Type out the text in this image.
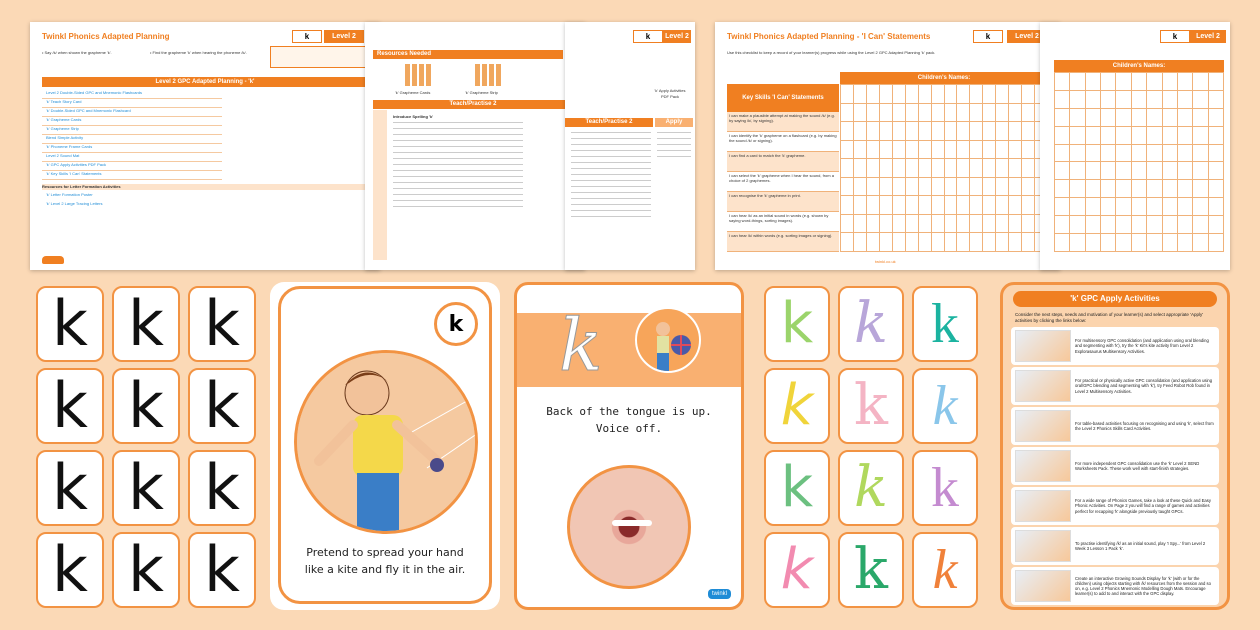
Twinkl Phonics Adapted Planning	k	Level 2
• Say /k/ when shown the grapheme 'k'.	• Find the grapheme 'k' when hearing the phoneme /k/.
Level 2 GPC Adapted Planning - 'k'
Level 2 Double-Sided GPC and Mnemonic Flashcards
'k' Teach Story Card
'k' Double-Sided GPC and Mnemonic Flashcard
'k' Grapheme Cards
'k' Grapheme Strip
Blend Simple Activity
'k' Phoneme Frame Cards
Level 2 Sound Mat
'k' GPC Apply Activities PDF Pack
'k' Key Skills 'I Can' Statements
Resources for Letter Formation Activities
'k' Letter Formation Poster
'k' Level 2 Large Tracing Letters
Resources Needed
'k' Grapheme Cards	'k' Grapheme Strip
Teach/Practise 2
Introduce Spelling 'k'
k	Level 2
'k' Apply Activities PDF Pack
Teach/Practise 2	Apply
Twinkl Phonics Adapted Planning - 'I Can' Statements	k	Level 2
Use this checklist to keep a record of your learner(s) progress while using the Level 2 GPC Adapted Planning 'k' pack.
Children's Names:
Key Skills 'I Can' Statements
I can make a plausible attempt at making the sound /k/ (e.g. by saying /k/, by signing).
I can identify the 'k' grapheme on a flashcard (e.g. by making the sound /k/ or signing).
I can find a card to match the 'k' grapheme.
I can select the 'k' grapheme when I hear the sound, from a choice of 2 graphemes.
I can recognise the 'k' grapheme in print.
I can hear /k/ as an initial sound in words (e.g. shown by saying word-things, sorting images).
I can hear /k/ within words (e.g. sorting images or signing).

twinkl.co.uk
k	Level 2
Children's Names:

k k k
k k k
k k k
k k k
k
Pretend to spread your hand
like a kite and fly it in the air.
k
Back of the tongue is up.
Voice off.
twinkl
k k k
k k k
k k k
k k k
'k' GPC Apply Activities
Consider the next steps, needs and motivation of your learner(s) and select appropriate 'Apply' activities by clicking the links below:
For multisensory GPC consolidation (and application using oral blending and segmenting with 'k'), try the 'k' Kit's kite activity from Level 2 Explorasaurus Multisensory Activities.
For practical or physically active GPC consolidation (and application using oral/GPC blending and segmenting with 'k'), try Feed Robot Rob found in Level 2 Multisensory Activities.
For table-based activities focusing on recognising and using 'k', select from the Level 2 Phonics Skills Card Activities.
For more independent GPC consolidation use the 'k' Level 2 SEND Worksheets Pack. These work well with start-finish strategies.
For a wide range of Phonics Games, take a look at these Quick and Easy Phonic Activities. On Page 2 you will find a range of games and activities perfect for recapping 'k' alongside previously taught GPCs.
To practise identifying /k/ as an initial sound, play 'I Spy...' from Level 2 Week 3 Lesson 1 Pack 'k'.
Create an interactive Growing Sounds Display for 'k' (with or for the children) using objects starting with /k/ resources from the session and so on, e.g. Level 2 Phonics Mnemonic Modelling Dough Mats. Encourage learner(s) to add to and interact with the GPC display.
